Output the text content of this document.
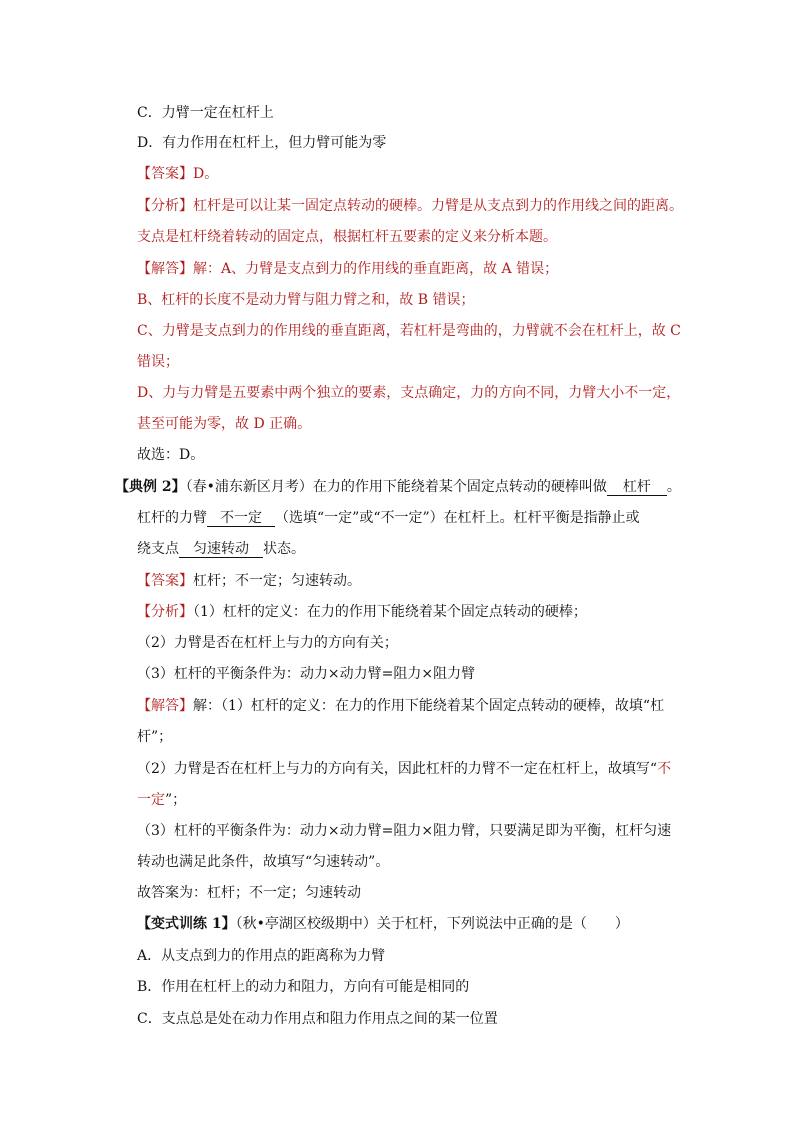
C．力臂一定在杠杆上
D．有力作用在杠杆上，但力臂可能为零
【答案】D。
【分析】杠杆是可以让某一固定点转动的硬棒。力臂是从支点到力的作用线之间的距离。
支点是杠杆绕着转动的固定点，根据杠杆五要素的定义来分析本题。
【解答】解：A、力臂是支点到力的作用线的垂直距离，故 A 错误；
B、杠杆的长度不是动力臂与阻力臂之和，故 B 错误；
C、力臂是支点到力的作用线的垂直距离，若杠杆是弯曲的，力臂就不会在杠杆上，故 C
错误；
D、力与力臂是五要素中两个独立的要素，支点确定，力的方向不同，力臂大小不一定，
甚至可能为零，故 D 正确。
故选：D。
【典例 2】（春•浦东新区月考）在力的作用下能绕着某个固定点转动的硬棒叫做 杠杆 。
杠杆的力臂 不一定 （选填“一定”或“不一定”）在杠杆上。杠杆平衡是指静止或
绕支点 匀速转动 状态。
【答案】杠杆；不一定；匀速转动。
【分析】（1）杠杆的定义：在力的作用下能绕着某个固定点转动的硬棒；
（2）力臂是否在杠杆上与力的方向有关；
（3）杠杆的平衡条件为：动力×动力臂=阻力×阻力臂
【解答】解：（1）杠杆的定义：在力的作用下能绕着某个固定点转动的硬棒，故填“杠
杆”；
（2）力臂是否在杠杆上与力的方向有关，因此杠杆的力臂不一定在杠杆上，故填写“不
一定”；
（3）杠杆的平衡条件为：动力×动力臂=阻力×阻力臂，只要满足即为平衡，杠杆匀速
转动也满足此条件，故填写“匀速转动”。
故答案为：杠杆；不一定；匀速转动
【变式训练 1】（秋•亭湖区校级期中）关于杠杆，下列说法中正确的是（　　）
A．从支点到力的作用点的距离称为力臂
B．作用在杠杆上的动力和阻力，方向有可能是相同的
C．支点总是处在动力作用点和阻力作用点之间的某一位置
